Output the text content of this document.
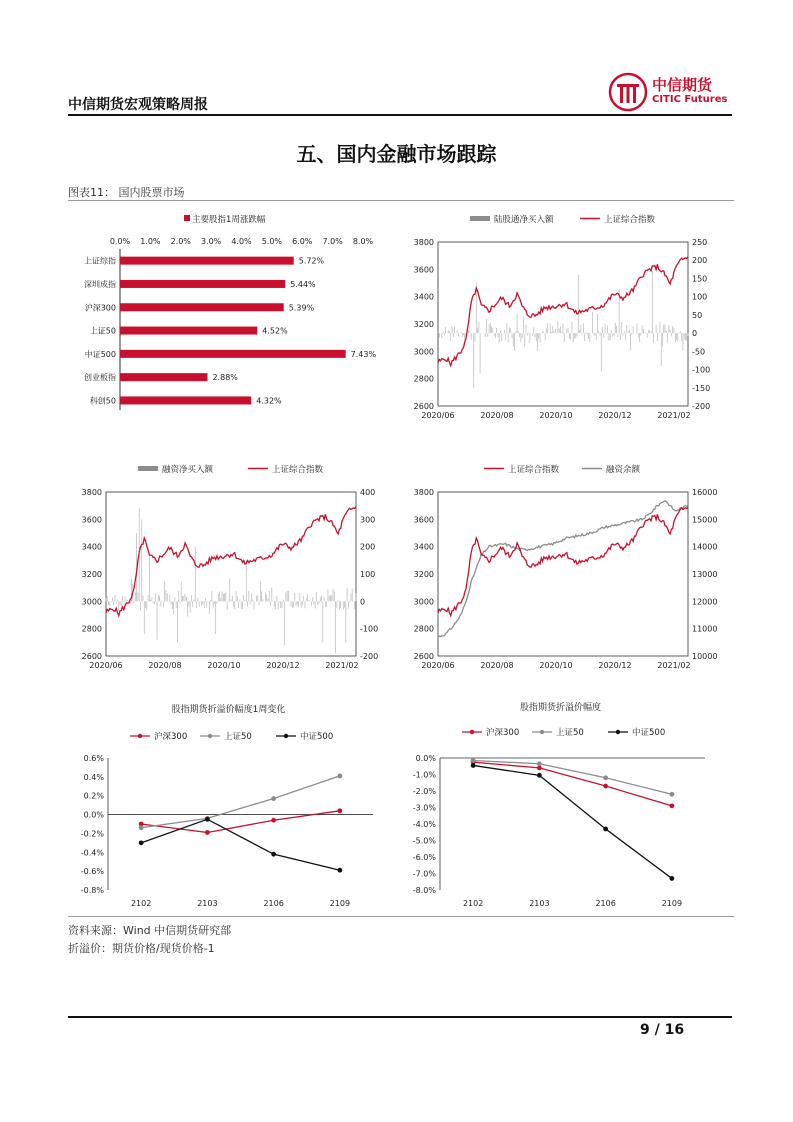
中信期货宏观策略周报
中信期货
CITIC Futures
五、国内金融市场跟踪
图表11： 国内股票市场
主要股指1周涨跌幅
0.0% 1.0% 2.0% 3.0% 4.0% 5.0% 6.0% 7.0% 8.0%
上证综指	5.72%
深圳成指	5.44%
沪深300	5.39%
上证50	4.52%
中证500	7.43%
创业板指	2.88%
科创50	4.32%
3800
3600
3400
3200
3000
2800
2600
250
200
150
100
50
0
-50
-100
-150
-200
2020/06	2020/08	2020/10	2020/12	2021/02
陆股通净买入额	上证综合指数
3800
3600
3400
3200
3000
2800
2600
400
300
200
100
0
-100
-200
2020/06	2020/08	2020/10	2020/12	2021/02
融资净买入额	上证综合指数
3800
3600
3400
3200
3000
2800
2600
16000
15000
14000
13000
12000
11000
10000
2020/06	2020/08	2020/10	2020/12	2021/02
上证综合指数	融资余额
股指期货折溢价幅度1周变化
沪深300	上证50	中证500
0.6%
0.4%
0.2%
0.0%
-0.2%
-0.4%
-0.6%
-0.8%
2102	2103	2106	2109
股指期货折溢价幅度
沪深300	上证50	中证500
0.0%
-1.0%
-2.0%
-3.0%
-4.0%
-5.0%
-6.0%
-7.0%
-8.0%
2102	2103	2106	2109
资料来源：Wind 中信期货研究部
折溢价：期货价格/现货价格-1
9 / 16
